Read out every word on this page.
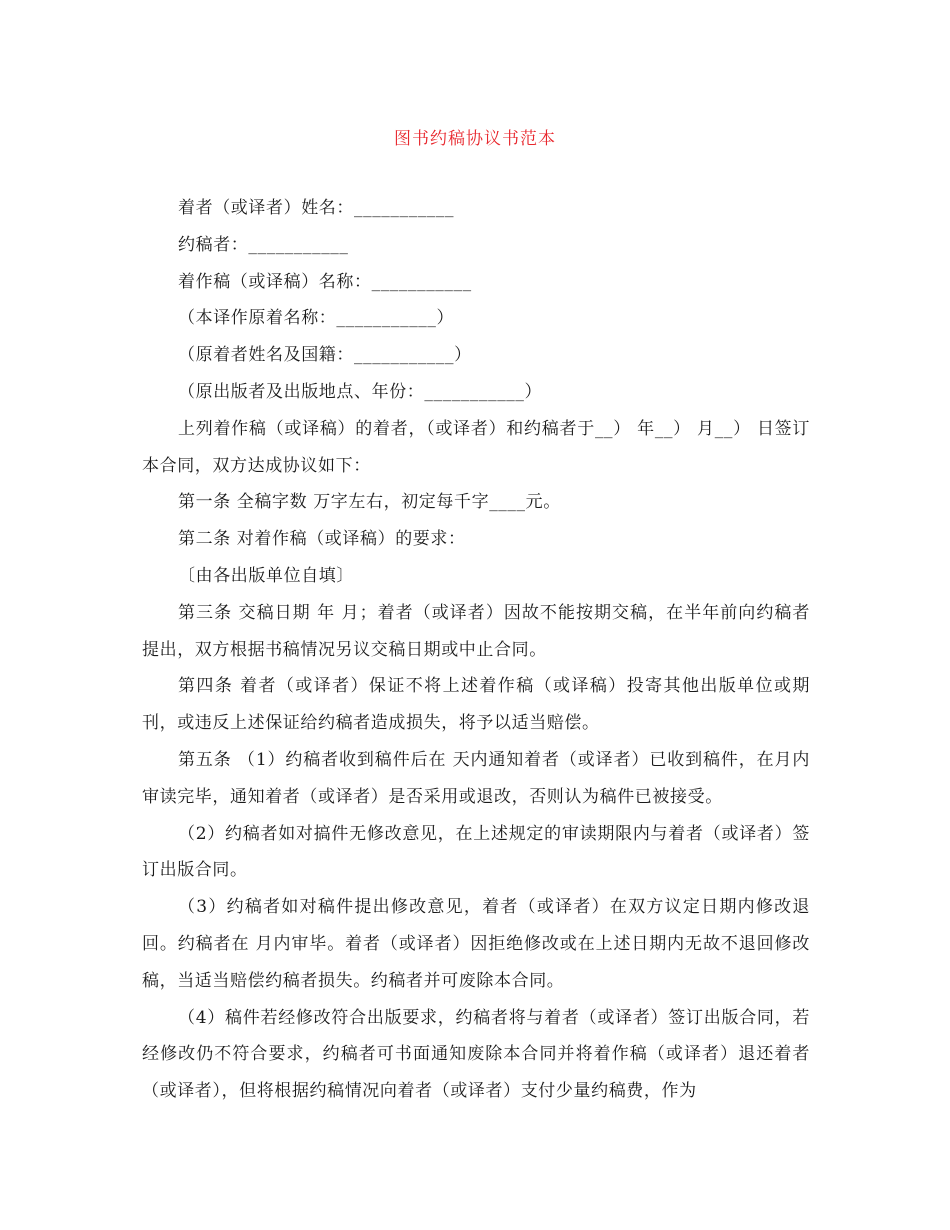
图书约稿协议书范本

着者（或译者）姓名：___________

约稿者：___________

着作稿（或译稿）名称：___________

（本译作原着名称：___________）

（原着者姓名及国籍：___________）

（原出版者及出版地点、年份：___________）

上列着作稿（或译稿）的着者，（或译者）和约稿者于__） 年__） 月__） 日签订本合同，双方达成协议如下：

第一条 全稿字数 万字左右，初定每千字____元。

第二条 对着作稿（或译稿）的要求：

〔由各出版单位自填〕

第三条 交稿日期 年 月；着者（或译者）因故不能按期交稿，在半年前向约稿者提出，双方根据书稿情况另议交稿日期或中止合同。

第四条 着者（或译者）保证不将上述着作稿（或译稿）投寄其他出版单位或期刊，或违反上述保证给约稿者造成损失，将予以适当赔偿。

第五条 （1）约稿者收到稿件后在 天内通知着者（或译者）已收到稿件，在月内审读完毕，通知着者（或译者）是否采用或退改，否则认为稿件已被接受。

（2）约稿者如对搞件无修改意见，在上述规定的审读期限内与着者（或译者）签订出版合同。

（3）约稿者如对稿件提出修改意见，着者（或译者）在双方议定日期内修改退回。约稿者在 月内审毕。着者（或译者）因拒绝修改或在上述日期内无故不退回修改稿，当适当赔偿约稿者损失。约稿者并可废除本合同。

（4）稿件若经修改符合出版要求，约稿者将与着者（或译者）签订出版合同，若经修改仍不符合要求，约稿者可书面通知废除本合同并将着作稿（或译者）退还着者（或译者），但将根据约稿情况向着者（或译者）支付少量约稿费，作为
